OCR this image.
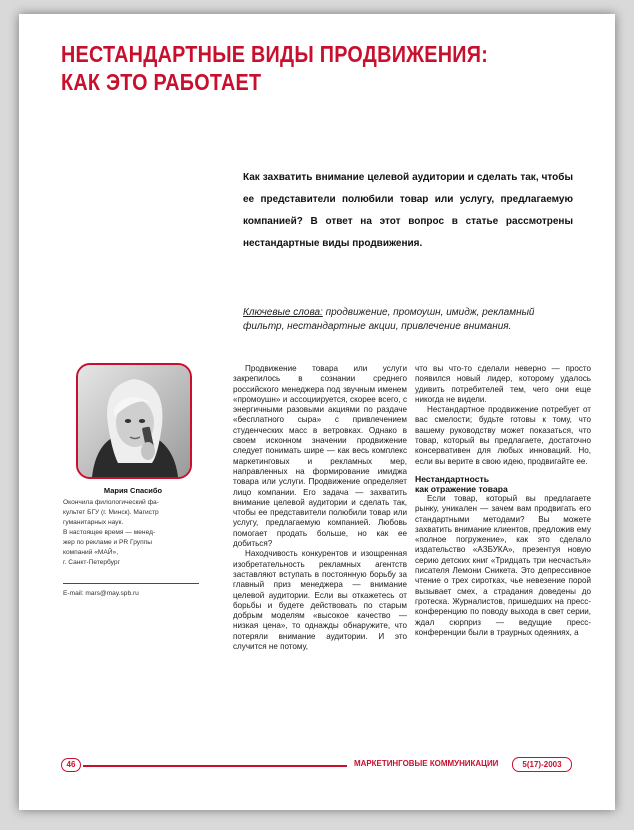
НЕСТАНДАРТНЫЕ ВИДЫ ПРОДВИЖЕНИЯ:
КАК ЭТО РАБОТАЕТ

Как захватить внимание целевой аудитории и сделать так, чтобы ее представители полюбили товар или услугу, предлагаемую компанией? В ответ на этот вопрос в статье рассмотрены нестандартные виды продвижения.

Ключевые слова: продвижение, промоушн, имидж, рекламный фильтр, нестандартные акции, привлечение внимания.

Мария Спасибо

Окончила филологический фа-
культет БГУ (г. Минск). Магистр
гуманитарных наук.
В настоящее время — менед-
жер по рекламе и PR Группы
компаний «МАЙ»,
г. Санкт-Петербург

E-mail: mars@may.spb.ru

Продвижение товара или услуги закрепилось в сознании среднего российского менеджера под звучным именем «промоушн» и ассоциируется, скорее всего, с энергичными разовыми акциями по раздаче «бесплатного сыра» с привлечением студенческих масс в ветровках. Однако в своем исконном значении продвижение следует понимать шире — как весь комплекс маркетинговых и рекламных мер, направленных на формирование имиджа товара или услуги. Продвижение определяет лицо компании. Его задача — захватить внимание целевой аудитории и сделать так, чтобы ее представители полюбили товар или услугу, предлагаемую компанией. Любовь помогает продать больше, но как ее добиться?

Находчивость конкурентов и изощренная изобретательность рекламных агентств заставляют вступать в постоянную борьбу за главный приз менеджера — внимание целевой аудитории. Если вы откажетесь от борьбы и будете действовать по старым добрым моделям «высокое качество — низкая цена», то однажды обнаружите, что потеряли внимание аудитории. И это случится не потому,

что вы что-то сделали неверно — просто появился новый лидер, которому удалось удивить потребителей тем, чего они еще никогда не видели.

Нестандартное продвижение потребует от вас смелости; будьте готовы к тому, что вашему руководству может показаться, что товар, который вы предлагаете, достаточно консервативен для любых инноваций. Но, если вы верите в свою идею, продвигайте ее.

Нестандартность
как отражение товара

Если товар, который вы предлагаете рынку, уникален — зачем вам продвигать его стандартными методами? Вы можете захватить внимание клиентов, предложив ему «полное погружение», как это сделало издательство «АЗБУКА», презентуя новую серию детских книг «Тридцать три несчастья» писателя Лемони Сникета. Это депрессивное чтение о трех сиротках, чье невезение порой вызывает смех, а страдания доведены до гротеска. Журналистов, пришедших на пресс-конференцию по поводу выхода в свет серии, ждал сюрприз — ведущие пресс-конференции были в траурных одеяниях, а

46	МАРКЕТИНГОВЫЕ КОММУНИКАЦИИ	5(17)-2003
